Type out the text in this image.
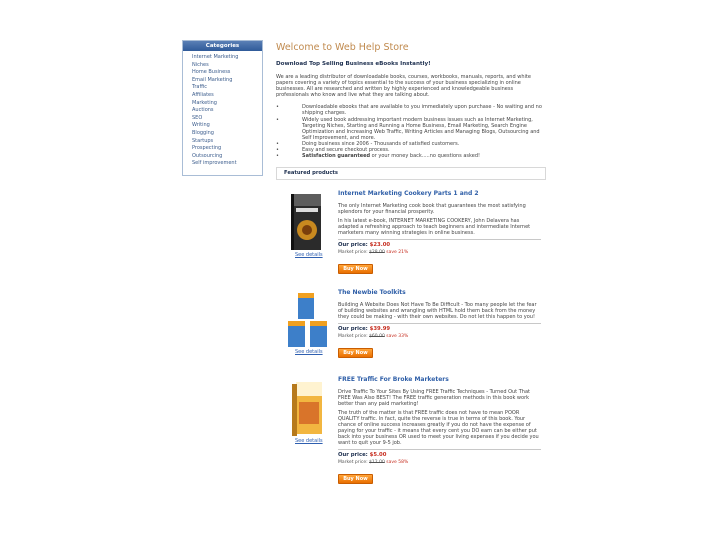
Categories
Internet Marketing
Niches
Home Business
Email Marketing
Traffic
Affiliates
Marketing
Auctions
SEO
Writing
Blogging
Startups
Prospecting
Outsourcing
Self improvement
Welcome to Web Help Store
Download Top Selling Business eBooks Instantly!
We are a leading distributor of downloadable books, courses, workbooks, manuals, reports, and white papers covering a variety of topics essential to the success of your business specializing in online businesses. All are researched and written by highly experienced and knowledgeable business professionals who know and live what they are talking about.
• Downloadable ebooks that are available to you immediately upon purchase - No waiting and no shipping charges.
• Widely used book addressing important modern business issues such as Internet Marketing, Targeting Niches, Starting and Running a Home Business, Email Marketing, Search Engine Optimization and Increasing Web Traffic, Writing Articles and Managing Blogs, Outsourcing and Self Improvement, and more.
• Doing business since 2006 - Thousands of satisfied customers.
• Easy and secure checkout process.
• Satisfaction guaranteed or your money back.....no questions asked!
Featured products
See details
Internet Marketing Cookery Parts 1 and 2

The only Internet Marketing cook book that guarantees the most satisfying splendors for your financial prosperity.

In his latest e-book, INTERNET MARKETING COOKERY, John Delavera has adapted a refreshing approach to teach beginners and intermediate Internet marketers many winning strategies in online business.

Our price: $23.00
Market price: $28.00 save 21%
Buy Now
See details
The Newbie Toolkits

Building A Website Does Not Have To Be Difficult - Too many people let the fear of building websites and wrangling with HTML hold them back from the money they could be making - with their own websites. Do not let this happen to you!

Our price: $39.99
Market price: $60.00 save 33%
Buy Now
See details
FREE Traffic For Broke Marketers

Drive Traffic To Your Sites By Using FREE Traffic Techniques - Turned Out That FREE Was Also BEST! The FREE traffic generation methods in this book work better than any paid marketing!

The truth of the matter is that FREE traffic does not have to mean POOR QUALITY traffic. In fact, quite the reverse is true in terms of this book. Your chance of online success increases greatly if you do not have the expense of paying for your traffic - it means that every cent you DO earn can be either put back into your business OR used to meet your living expenses if you decide you want to quit your 9-5 job.

Our price: $5.00
Market price: $12.00 save 58%
Buy Now
